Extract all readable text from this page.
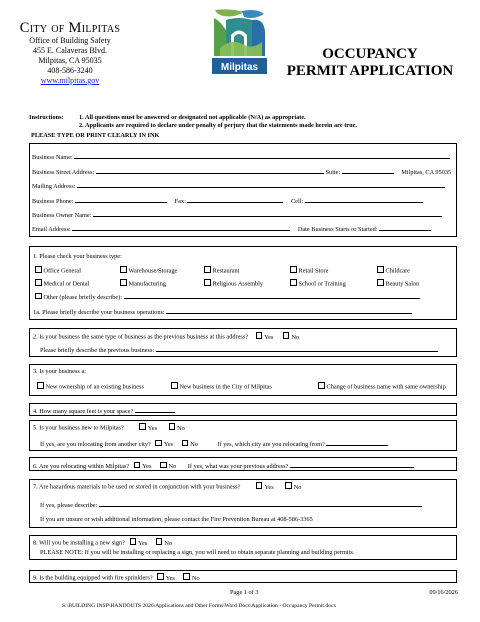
City of Milpitas
Office of Building Safety
455 E. Calaveras Blvd.
Milpitas, CA 95035
408-586-3240
www.milpitas.gov
Milpitas
OCCUPANCY
PERMIT APPLICATION
Instructions: 1. All questions must be answered or designated not applicable (N/A) as appropriate.
2. Applicants are required to declare under penalty of perjury that the statements made herein are true.
PLEASE TYPE OR PRINT CLEARLY IN INK
Business Name:
Business Street Address:	Suite:	Milpitas, CA 95035
Mailing Address:
Business Phone:	Fax:	Cell:
Business Owner Name:
Email Address:	Date Business Starts or Started:
1. Please check your business type:
Office General	Warehouse/Storage	Restaurant	Retail Store	Childcare
Medical or Dental	Manufacturing	Religious Assembly	School or Training	Beauty Salon
Other (please briefly describe):
1a. Please briefly describe your business operations:
2. Is your business the same type of business as the previous business at this address?	Yes	No
Please briefly describe the previous business:
3. Is your business a:
New ownership of an existing business	New business in the City of Milpitas	Change of business name with same ownership
4. How many square feet is your space?
5. Is your business new to Milpitas?	Yes	No
If yes, are you relocating from another city? Yes	No	If yes, which city are you relocating from?
6. Are you relocating within Milpitas? Yes	No If yes, what was your previous address?
7. Are hazardous materials to be used or stored in conjunction with your business?	Yes	No
If yes, please describe:
If you are unsure or wish additional information, please contact the Fire Prevention Bureau at 408-586-3365
8. Will you be installing a new sign? Yes	No
PLEASE NOTE: If you will be installing or replacing a sign, you will need to obtain separate planning and building permits.
9. Is the building equipped with fire sprinklers? Yes	No
Page 1 of 3	09/16/2026
S:\BUILDING INSP\HANDOUTS 2026\Applications and Other Forms\Word Docs\Application - Occupancy Permit.docx
